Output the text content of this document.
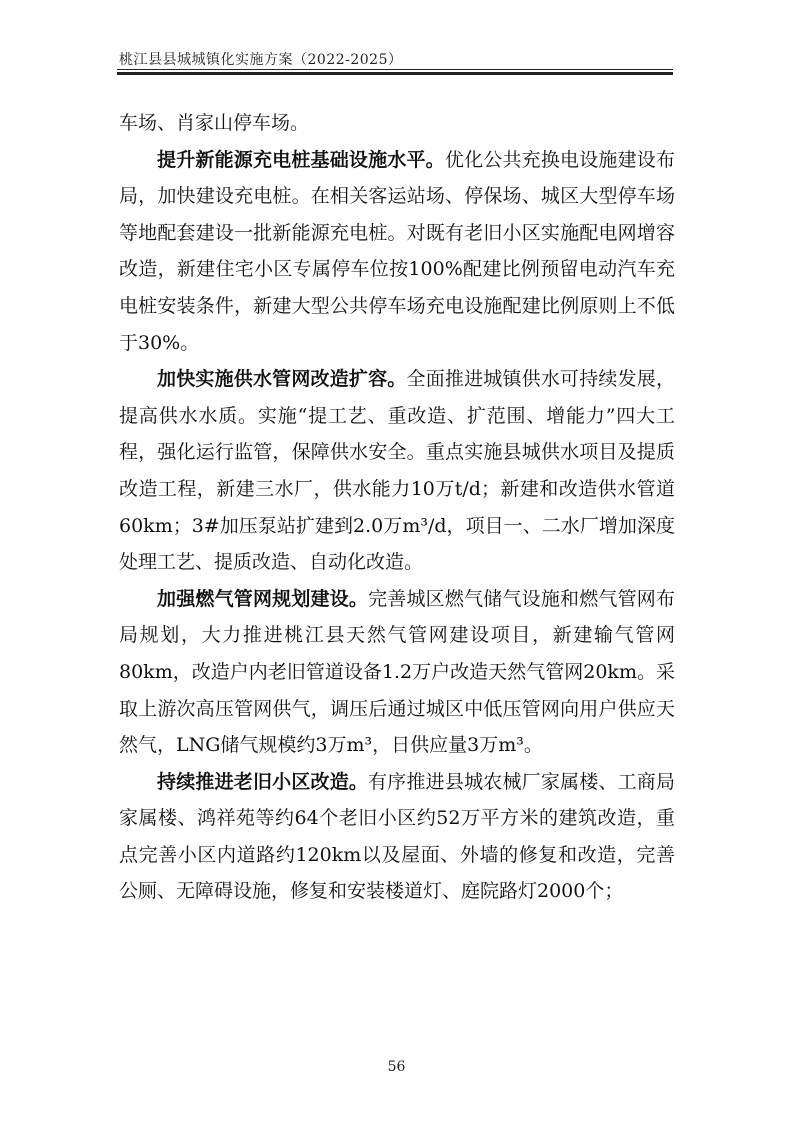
桃江县县城城镇化实施方案（2022-2025）

车场、肖家山停车场。

提升新能源充电桩基础设施水平。优化公共充换电设施建设布局，加快建设充电桩。在相关客运站场、停保场、城区大型停车场等地配套建设一批新能源充电桩。对既有老旧小区实施配电网增容改造，新建住宅小区专属停车位按100%配建比例预留电动汽车充电桩安装条件，新建大型公共停车场充电设施配建比例原则上不低于30%。

加快实施供水管网改造扩容。全面推进城镇供水可持续发展，提高供水水质。实施“提工艺、重改造、扩范围、增能力”四大工程，强化运行监管，保障供水安全。重点实施县城供水项目及提质改造工程，新建三水厂，供水能力10万t/d；新建和改造供水管道60km；3#加压泵站扩建到2.0万m³/d，项目一、二水厂增加深度处理工艺、提质改造、自动化改造。

加强燃气管网规划建设。完善城区燃气储气设施和燃气管网布局规划，大力推进桃江县天然气管网建设项目，新建输气管网80km，改造户内老旧管道设备1.2万户改造天然气管网20km。采取上游次高压管网供气，调压后通过城区中低压管网向用户供应天然气，LNG储气规模约3万m³，日供应量3万m³。

持续推进老旧小区改造。有序推进县城农械厂家属楼、工商局家属楼、鸿祥苑等约64个老旧小区约52万平方米的建筑改造，重点完善小区内道路约120km以及屋面、外墙的修复和改造，完善公厕、无障碍设施，修复和安装楼道灯、庭院路灯2000个；

56
